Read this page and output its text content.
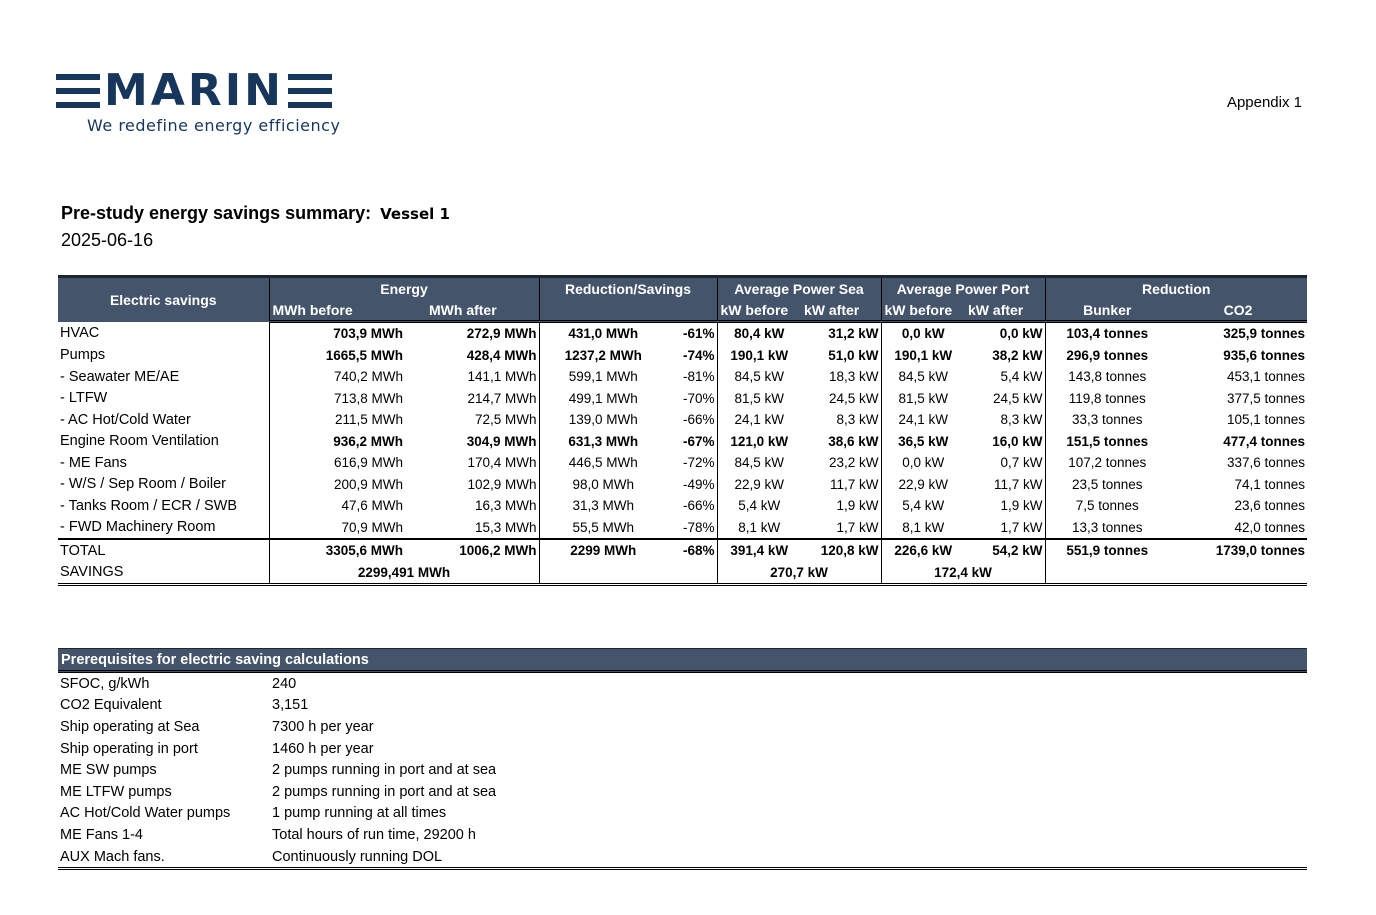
MARIN
We redefine energy efficiency
Appendix 1
Pre-study energy savings summary: Vessel 1
2025-06-16
Electric savings	Energy		Reduction/Savings		Average Power Sea		Average Power Port		Reduction	
	MWh before	MWh after			kW before	kW after	kW before	kW after	Bunker	CO2
HVAC	703,9 MWh	272,9 MWh	431,0 MWh	-61%	80,4 kW	31,2 kW	0,0 kW	0,0 kW	103,4 tonnes	325,9 tonnes
Pumps	1665,5 MWh	428,4 MWh	1237,2 MWh	-74%	190,1 kW	51,0 kW	190,1 kW	38,2 kW	296,9 tonnes	935,6 tonnes
- Seawater ME/AE	740,2 MWh	141,1 MWh	599,1 MWh	-81%	84,5 kW	18,3 kW	84,5 kW	5,4 kW	143,8 tonnes	453,1 tonnes
- LTFW	713,8 MWh	214,7 MWh	499,1 MWh	-70%	81,5 kW	24,5 kW	81,5 kW	24,5 kW	119,8 tonnes	377,5 tonnes
- AC Hot/Cold Water	211,5 MWh	72,5 MWh	139,0 MWh	-66%	24,1 kW	8,3 kW	24,1 kW	8,3 kW	33,3 tonnes	105,1 tonnes
Engine Room Ventilation	936,2 MWh	304,9 MWh	631,3 MWh	-67%	121,0 kW	38,6 kW	36,5 kW	16,0 kW	151,5 tonnes	477,4 tonnes
- ME Fans	616,9 MWh	170,4 MWh	446,5 MWh	-72%	84,5 kW	23,2 kW	0,0 kW	0,7 kW	107,2 tonnes	337,6 tonnes
- W/S / Sep Room / Boiler	200,9 MWh	102,9 MWh	98,0 MWh	-49%	22,9 kW	11,7 kW	22,9 kW	11,7 kW	23,5 tonnes	74,1 tonnes
- Tanks Room / ECR / SWB	47,6 MWh	16,3 MWh	31,3 MWh	-66%	5,4 kW	1,9 kW	5,4 kW	1,9 kW	7,5 tonnes	23,6 tonnes
- FWD Machinery Room	70,9 MWh	15,3 MWh	55,5 MWh	-78%	8,1 kW	1,7 kW	8,1 kW	1,7 kW	13,3 tonnes	42,0 tonnes
TOTAL	3305,6 MWh	1006,2 MWh	2299 MWh	-68%	391,4 kW	120,8 kW	226,6 kW	54,2 kW	551,9 tonnes	1739,0 tonnes
SAVINGS	2299,491 MWh				270,7 kW		172,4 kW			
Prerequisites for electric saving calculations	
SFOC, g/kWh	240
CO2 Equivalent	3,151
Ship operating at Sea	7300 h per year
Ship operating in port	1460 h per year
ME SW pumps	2 pumps running in port and at sea
ME LTFW pumps	2 pumps running in port and at sea
AC Hot/Cold Water pumps	1 pump running at all times
ME Fans 1-4	Total hours of run time, 29200 h
AUX Mach fans.	Continuously running DOL
